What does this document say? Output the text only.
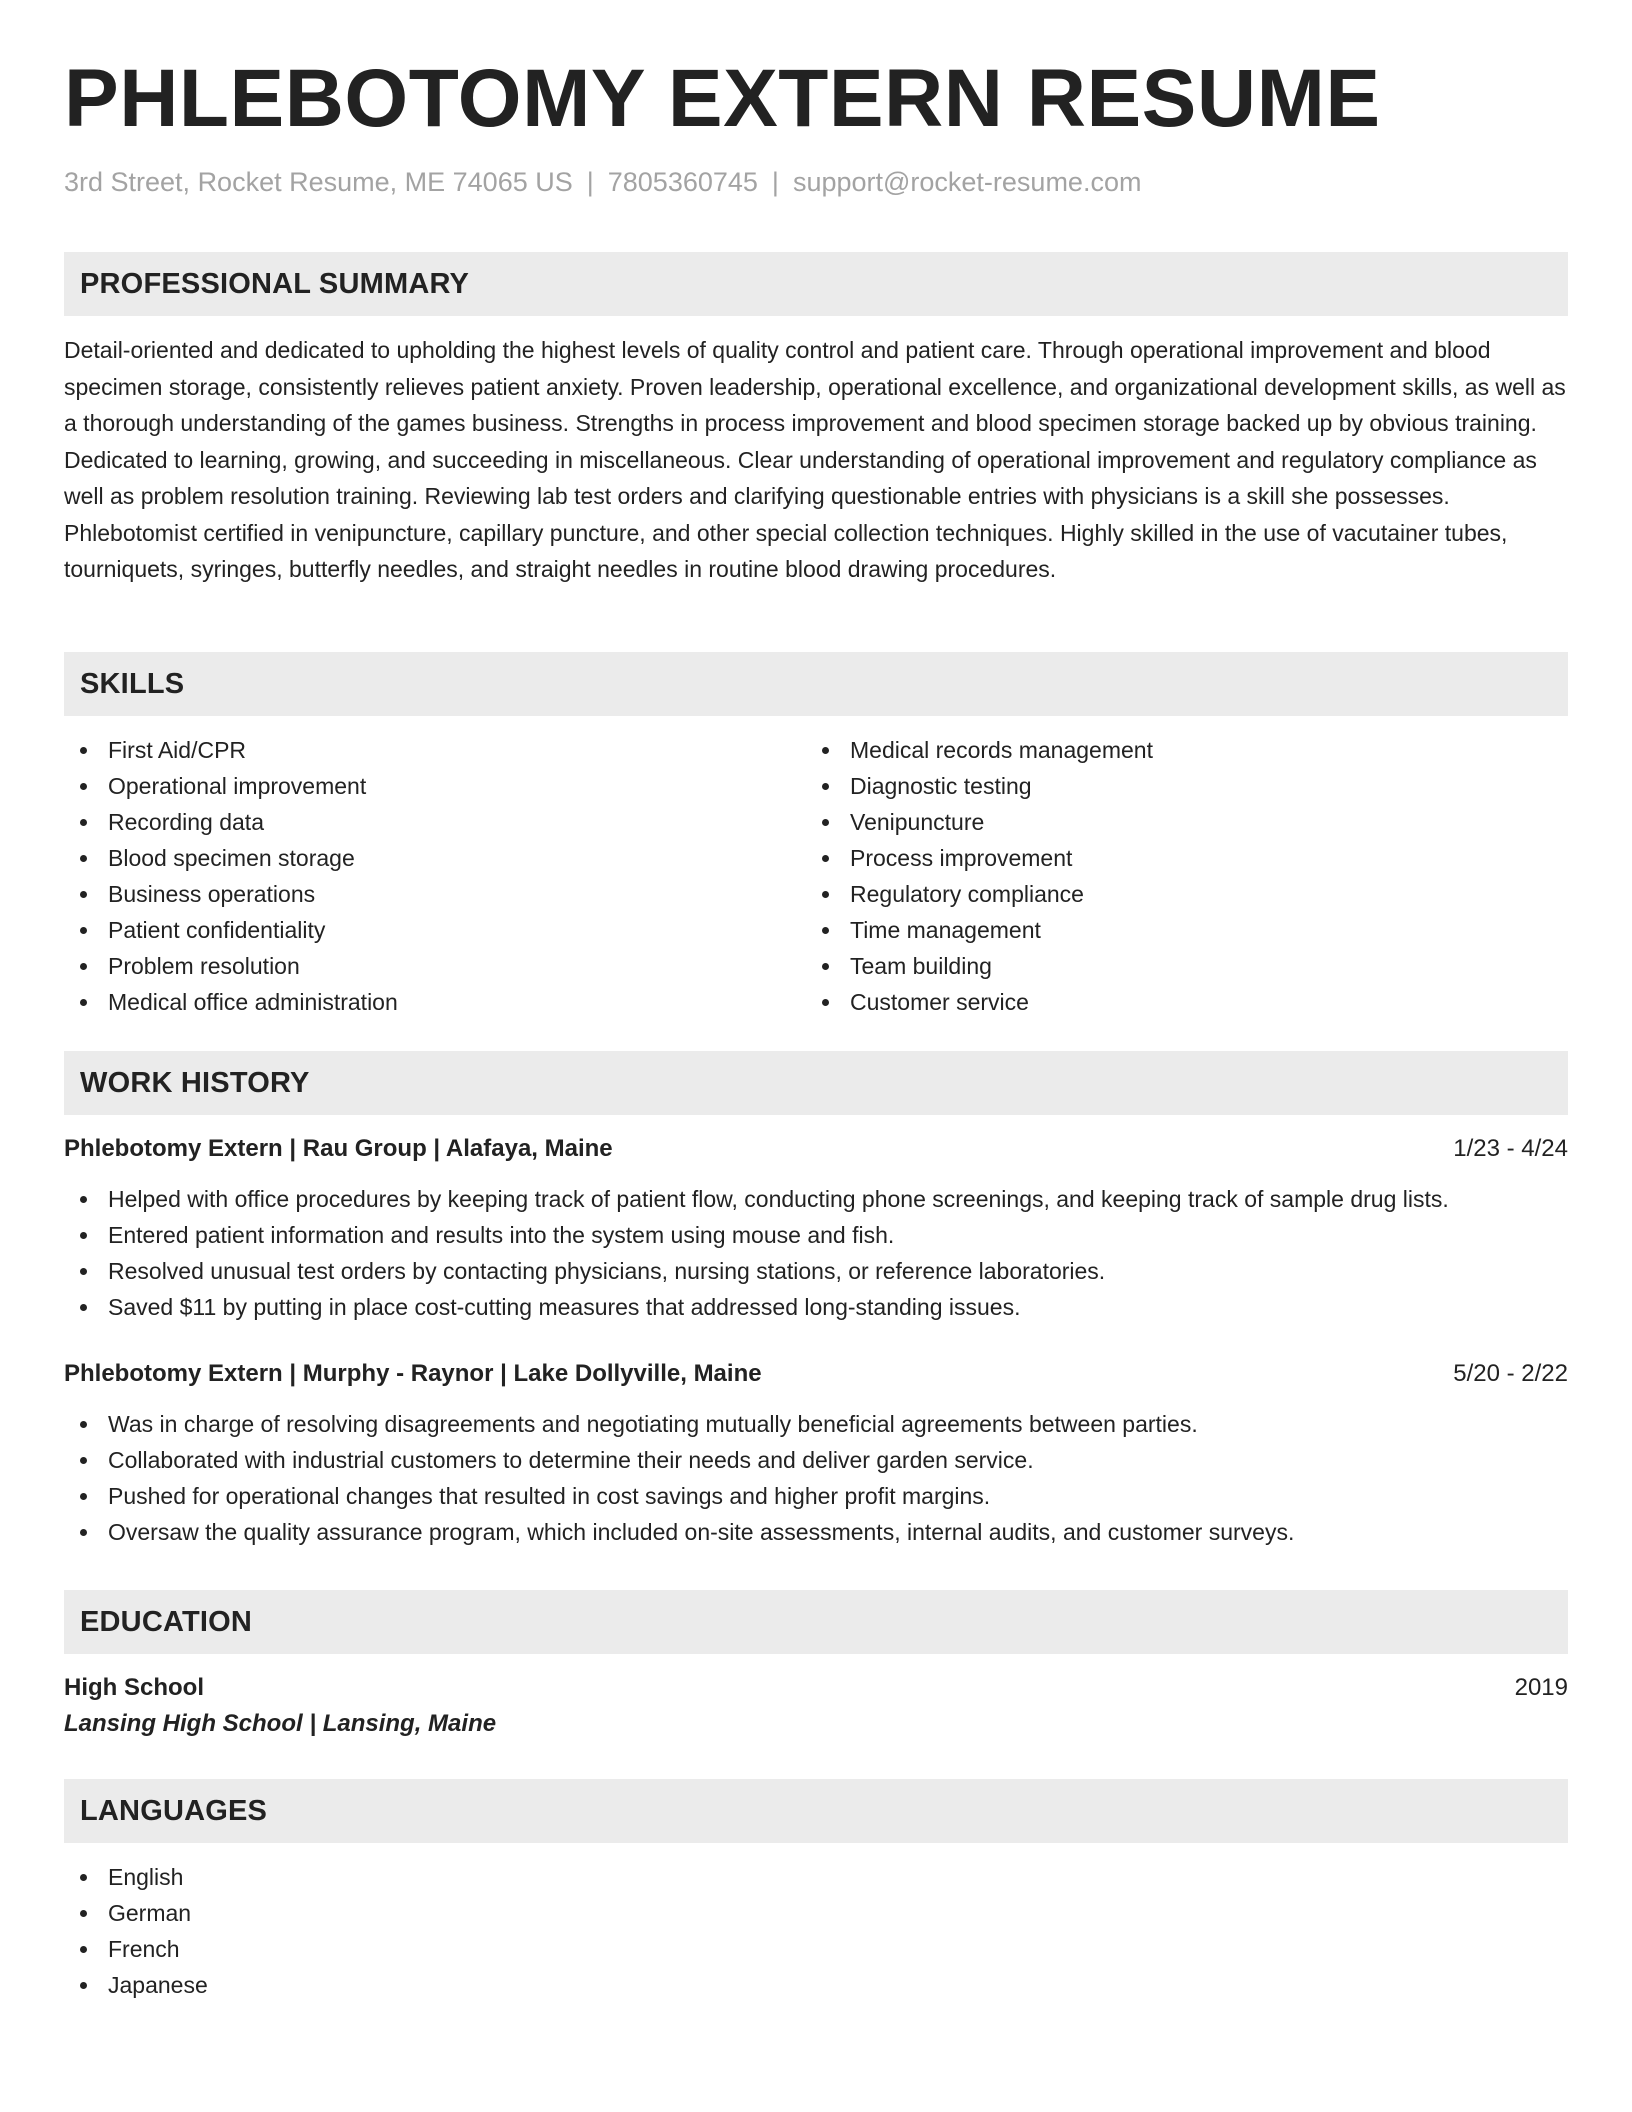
PHLEBOTOMY EXTERN RESUME
3rd Street, Rocket Resume, ME 74065 US | 7805360745 | support@rocket-resume.com
PROFESSIONAL SUMMARY

Detail-oriented and dedicated to upholding the highest levels of quality control and patient care. Through operational improvement and blood specimen storage, consistently relieves patient anxiety. Proven leadership, operational excellence, and organizational development skills, as well as a thorough understanding of the games business. Strengths in process improvement and blood specimen storage backed up by obvious training. Dedicated to learning, growing, and succeeding in miscellaneous. Clear understanding of operational improvement and regulatory compliance as well as problem resolution training. Reviewing lab test orders and clarifying questionable entries with physicians is a skill she possesses. Phlebotomist certified in venipuncture, capillary puncture, and other special collection techniques. Highly skilled in the use of vacutainer tubes, tourniquets, syringes, butterfly needles, and straight needles in routine blood drawing procedures.

SKILLS
First Aid/CPR
Operational improvement
Recording data
Blood specimen storage
Business operations
Patient confidentiality
Problem resolution
Medical office administration
Medical records management
Diagnostic testing
Venipuncture
Process improvement
Regulatory compliance
Time management
Team building
Customer service
WORK HISTORY
Phlebotomy Extern | Rau Group | Alafaya, Maine	1/23 - 4/24
Helped with office procedures by keeping track of patient flow, conducting phone screenings, and keeping track of sample drug lists.
Entered patient information and results into the system using mouse and fish.
Resolved unusual test orders by contacting physicians, nursing stations, or reference laboratories.
Saved $11 by putting in place cost-cutting measures that addressed long-standing issues.
Phlebotomy Extern | Murphy - Raynor | Lake Dollyville, Maine	5/20 - 2/22
Was in charge of resolving disagreements and negotiating mutually beneficial agreements between parties.
Collaborated with industrial customers to determine their needs and deliver garden service.
Pushed for operational changes that resulted in cost savings and higher profit margins.
Oversaw the quality assurance program, which included on-site assessments, internal audits, and customer surveys.
EDUCATION
High School	2019
Lansing High School | Lansing, Maine
LANGUAGES
English
German
French
Japanese
